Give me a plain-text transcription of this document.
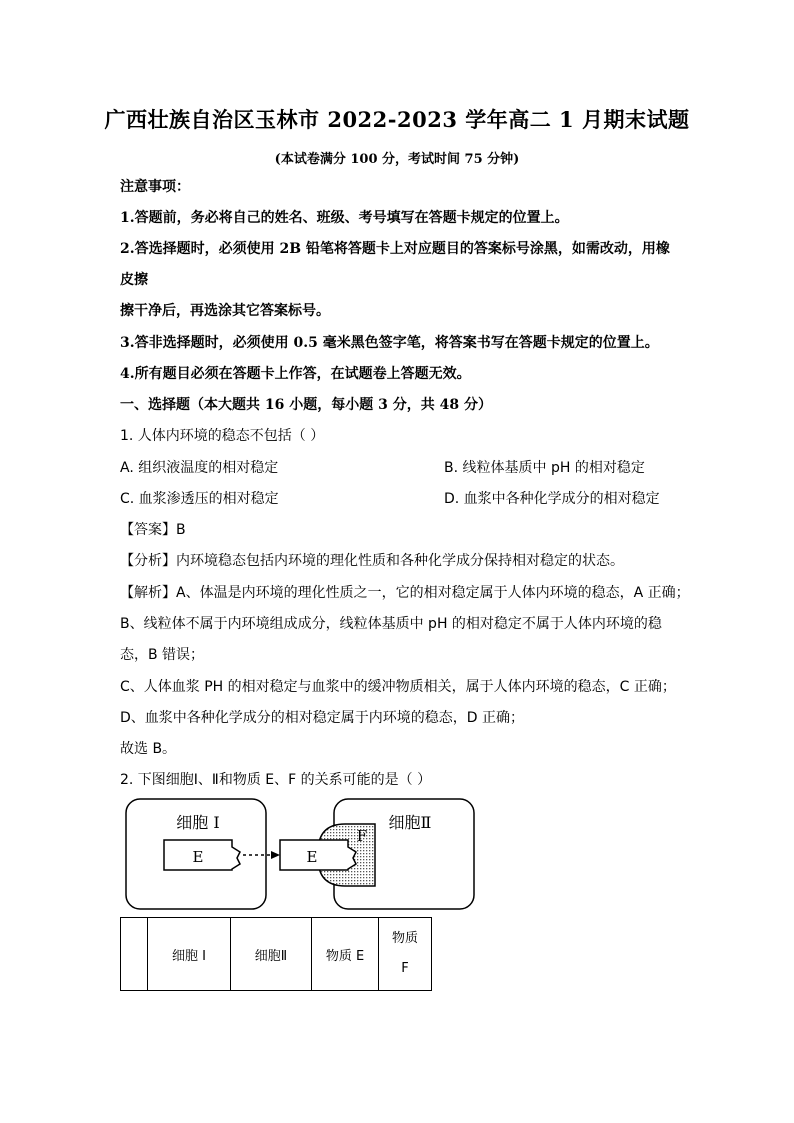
广西壮族自治区玉林市 2022-2023 学年高二 1 月期末试题
(本试卷满分 100 分，考试时间 75 分钟)
注意事项：
1.答题前，务必将自己的姓名、班级、考号填写在答题卡规定的位置上。
2.答选择题时，必须使用 2B 铅笔将答题卡上对应题目的答案标号涂黑，如需改动，用橡
皮擦
擦干净后，再选涂其它答案标号。
3.答非选择题时，必须使用 0.5 毫米黑色签字笔，将答案书写在答题卡规定的位置上。
4.所有题目必须在答题卡上作答，在试题卷上答题无效。
一、选择题（本大题共 16 小题，每小题 3 分，共 48 分）
1. 人体内环境的稳态不包括（ ）
A. 组织液温度的相对稳定	B. 线粒体基质中 pH 的相对稳定
C. 血浆渗透压的相对稳定	D. 血浆中各种化学成分的相对稳定
【答案】B
【分析】内环境稳态包括内环境的理化性质和各种化学成分保持相对稳定的状态。
【解析】A、体温是内环境的理化性质之一，它的相对稳定属于人体内环境的稳态，A 正确；
B、线粒体不属于内环境组成成分，线粒体基质中 pH 的相对稳定不属于人体内环境的稳
态，B 错误；
C、人体血浆 PH 的相对稳定与血浆中的缓冲物质相关，属于人体内环境的稳态，C 正确；
D、血浆中各种化学成分的相对稳定属于内环境的稳态，D 正确；
故选 B。
2. 下图细胞Ⅰ、Ⅱ和物质 E、F 的关系可能的是（ ）
细胞 I	细胞Ⅱ
E	E
F
	细胞 I	细胞Ⅱ	物质 E	物质
F
